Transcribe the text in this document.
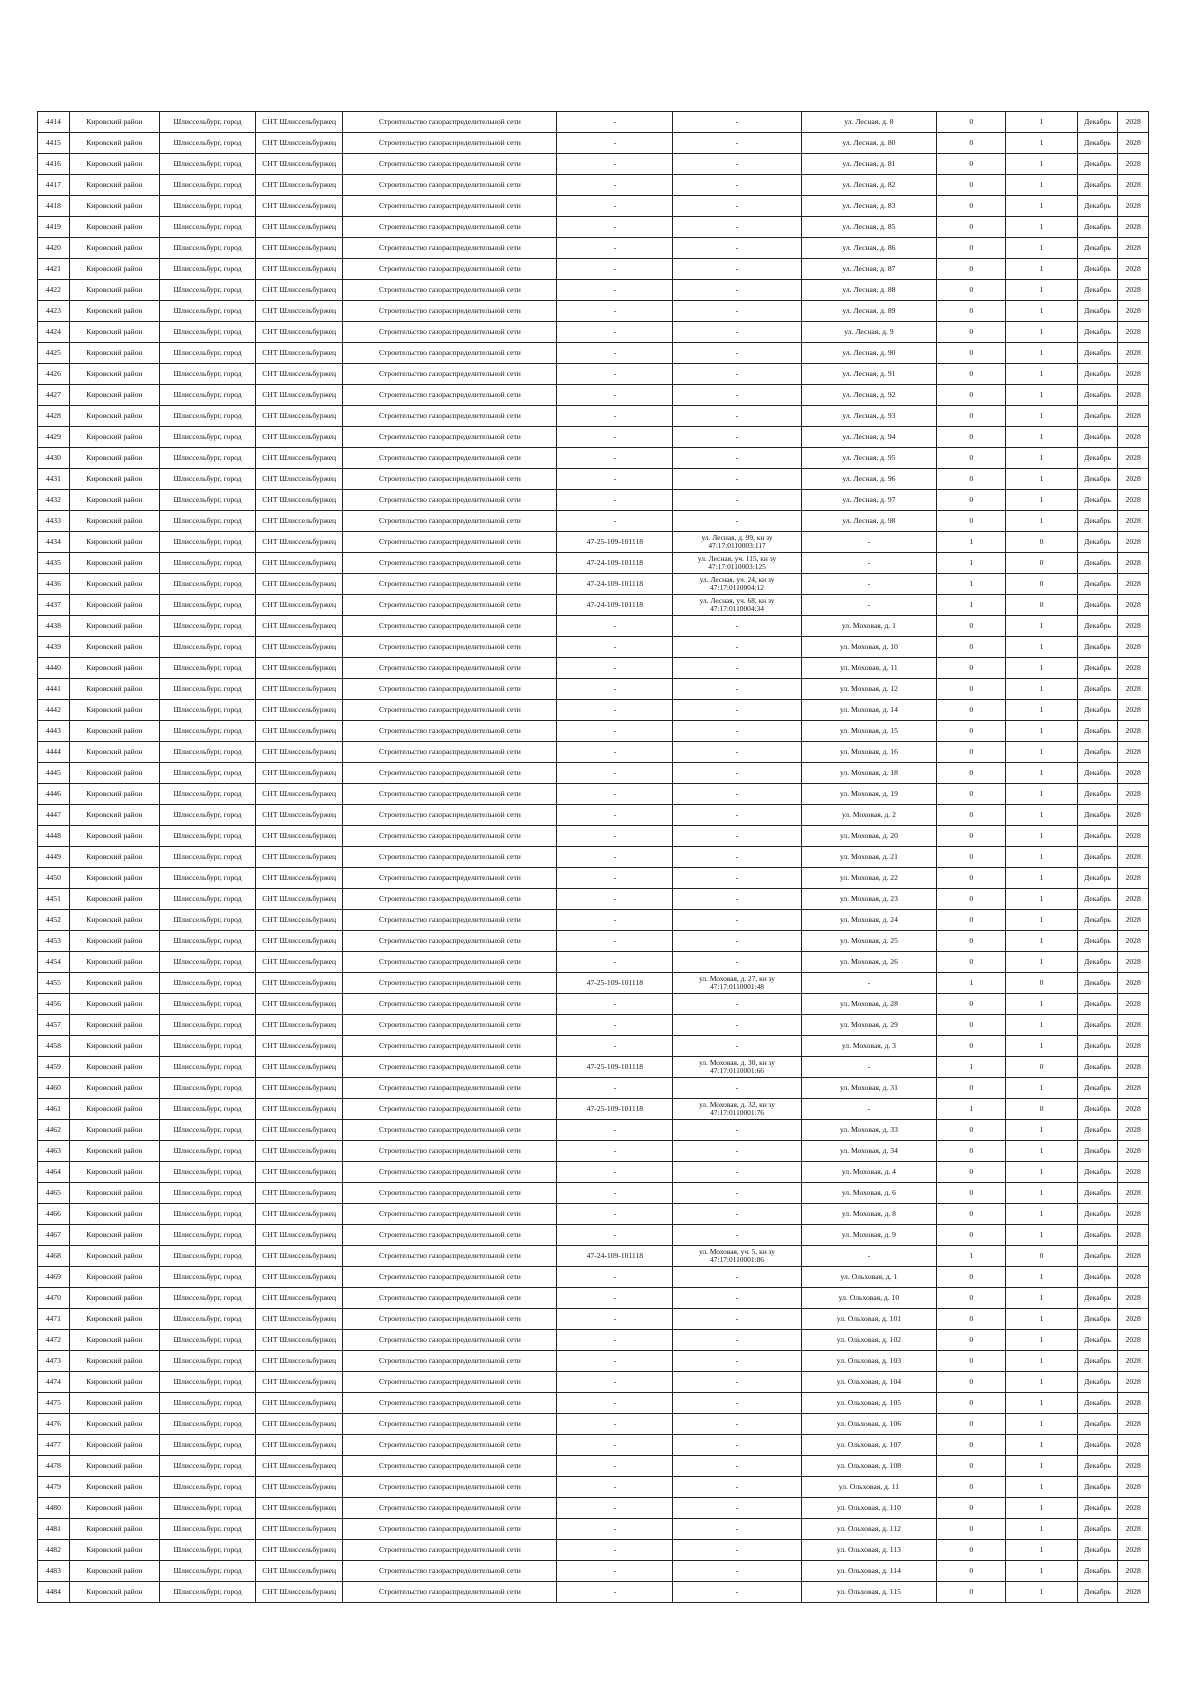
4414	Кировский район	Шлиссельбург, город	СНТ Шлиссельбуржец	Строительство газораспределительной сети	-	-	ул. Лесная, д. 8	0	1	Декабрь	2028
4415	Кировский район	Шлиссельбург, город	СНТ Шлиссельбуржец	Строительство газораспределительной сети	-	-	ул. Лесная, д. 80	0	1	Декабрь	2028
4416	Кировский район	Шлиссельбург, город	СНТ Шлиссельбуржец	Строительство газораспределительной сети	-	-	ул. Лесная, д. 81	0	1	Декабрь	2028
4417	Кировский район	Шлиссельбург, город	СНТ Шлиссельбуржец	Строительство газораспределительной сети	-	-	ул. Лесная, д. 82	0	1	Декабрь	2028
4418	Кировский район	Шлиссельбург, город	СНТ Шлиссельбуржец	Строительство газораспределительной сети	-	-	ул. Лесная, д. 83	0	1	Декабрь	2028
4419	Кировский район	Шлиссельбург, город	СНТ Шлиссельбуржец	Строительство газораспределительной сети	-	-	ул. Лесная, д. 85	0	1	Декабрь	2028
4420	Кировский район	Шлиссельбург, город	СНТ Шлиссельбуржец	Строительство газораспределительной сети	-	-	ул. Лесная, д. 86	0	1	Декабрь	2028
4421	Кировский район	Шлиссельбург, город	СНТ Шлиссельбуржец	Строительство газораспределительной сети	-	-	ул. Лесная, д. 87	0	1	Декабрь	2028
4422	Кировский район	Шлиссельбург, город	СНТ Шлиссельбуржец	Строительство газораспределительной сети	-	-	ул. Лесная, д. 88	0	1	Декабрь	2028
4423	Кировский район	Шлиссельбург, город	СНТ Шлиссельбуржец	Строительство газораспределительной сети	-	-	ул. Лесная, д. 89	0	1	Декабрь	2028
4424	Кировский район	Шлиссельбург, город	СНТ Шлиссельбуржец	Строительство газораспределительной сети	-	-	ул. Лесная, д. 9	0	1	Декабрь	2028
4425	Кировский район	Шлиссельбург, город	СНТ Шлиссельбуржец	Строительство газораспределительной сети	-	-	ул. Лесная, д. 90	0	1	Декабрь	2028
4426	Кировский район	Шлиссельбург, город	СНТ Шлиссельбуржец	Строительство газораспределительной сети	-	-	ул. Лесная, д. 91	0	1	Декабрь	2028
4427	Кировский район	Шлиссельбург, город	СНТ Шлиссельбуржец	Строительство газораспределительной сети	-	-	ул. Лесная, д. 92	0	1	Декабрь	2028
4428	Кировский район	Шлиссельбург, город	СНТ Шлиссельбуржец	Строительство газораспределительной сети	-	-	ул. Лесная, д. 93	0	1	Декабрь	2028
4429	Кировский район	Шлиссельбург, город	СНТ Шлиссельбуржец	Строительство газораспределительной сети	-	-	ул. Лесная, д. 94	0	1	Декабрь	2028
4430	Кировский район	Шлиссельбург, город	СНТ Шлиссельбуржец	Строительство газораспределительной сети	-	-	ул. Лесная, д. 95	0	1	Декабрь	2028
4431	Кировский район	Шлиссельбург, город	СНТ Шлиссельбуржец	Строительство газораспределительной сети	-	-	ул. Лесная, д. 96	0	1	Декабрь	2028
4432	Кировский район	Шлиссельбург, город	СНТ Шлиссельбуржец	Строительство газораспределительной сети	-	-	ул. Лесная, д. 97	0	1	Декабрь	2028
4433	Кировский район	Шлиссельбург, город	СНТ Шлиссельбуржец	Строительство газораспределительной сети	-	-	ул. Лесная, д. 98	0	1	Декабрь	2028
4434	Кировский район	Шлиссельбург, город	СНТ Шлиссельбуржец	Строительство газораспределительной сети	47-25-109-101118	ул. Лесная, д. 99, кн зу 47:17:0110003:117	-	1	0	Декабрь	2028
4435	Кировский район	Шлиссельбург, город	СНТ Шлиссельбуржец	Строительство газораспределительной сети	47-24-109-101118	ул. Лесная, уч. 115, кн зу 47:17:0110003:125	-	1	0	Декабрь	2028
4436	Кировский район	Шлиссельбург, город	СНТ Шлиссельбуржец	Строительство газораспределительной сети	47-24-109-101118	ул. Лесная, уч. 24, кн зу 47:17:0110004:12	-	1	0	Декабрь	2028
4437	Кировский район	Шлиссельбург, город	СНТ Шлиссельбуржец	Строительство газораспределительной сети	47-24-109-101118	ул. Лесная, уч. 68, кн зу 47:17:0110004:34	-	1	0	Декабрь	2028
4438	Кировский район	Шлиссельбург, город	СНТ Шлиссельбуржец	Строительство газораспределительной сети	-	-	ул. Моховая, д. 1	0	1	Декабрь	2028
4439	Кировский район	Шлиссельбург, город	СНТ Шлиссельбуржец	Строительство газораспределительной сети	-	-	ул. Моховая, д. 10	0	1	Декабрь	2028
4440	Кировский район	Шлиссельбург, город	СНТ Шлиссельбуржец	Строительство газораспределительной сети	-	-	ул. Моховая, д. 11	0	1	Декабрь	2028
4441	Кировский район	Шлиссельбург, город	СНТ Шлиссельбуржец	Строительство газораспределительной сети	-	-	ул. Моховая, д. 12	0	1	Декабрь	2028
4442	Кировский район	Шлиссельбург, город	СНТ Шлиссельбуржец	Строительство газораспределительной сети	-	-	ул. Моховая, д. 14	0	1	Декабрь	2028
4443	Кировский район	Шлиссельбург, город	СНТ Шлиссельбуржец	Строительство газораспределительной сети	-	-	ул. Моховая, д. 15	0	1	Декабрь	2028
4444	Кировский район	Шлиссельбург, город	СНТ Шлиссельбуржец	Строительство газораспределительной сети	-	-	ул. Моховая, д. 16	0	1	Декабрь	2028
4445	Кировский район	Шлиссельбург, город	СНТ Шлиссельбуржец	Строительство газораспределительной сети	-	-	ул. Моховая, д. 18	0	1	Декабрь	2028
4446	Кировский район	Шлиссельбург, город	СНТ Шлиссельбуржец	Строительство газораспределительной сети	-	-	ул. Моховая, д. 19	0	1	Декабрь	2028
4447	Кировский район	Шлиссельбург, город	СНТ Шлиссельбуржец	Строительство газораспределительной сети	-	-	ул. Моховая, д. 2	0	1	Декабрь	2028
4448	Кировский район	Шлиссельбург, город	СНТ Шлиссельбуржец	Строительство газораспределительной сети	-	-	ул. Моховая, д. 20	0	1	Декабрь	2028
4449	Кировский район	Шлиссельбург, город	СНТ Шлиссельбуржец	Строительство газораспределительной сети	-	-	ул. Моховая, д. 21	0	1	Декабрь	2028
4450	Кировский район	Шлиссельбург, город	СНТ Шлиссельбуржец	Строительство газораспределительной сети	-	-	ул. Моховая, д. 22	0	1	Декабрь	2028
4451	Кировский район	Шлиссельбург, город	СНТ Шлиссельбуржец	Строительство газораспределительной сети	-	-	ул. Моховая, д. 23	0	1	Декабрь	2028
4452	Кировский район	Шлиссельбург, город	СНТ Шлиссельбуржец	Строительство газораспределительной сети	-	-	ул. Моховая, д. 24	0	1	Декабрь	2028
4453	Кировский район	Шлиссельбург, город	СНТ Шлиссельбуржец	Строительство газораспределительной сети	-	-	ул. Моховая, д. 25	0	1	Декабрь	2028
4454	Кировский район	Шлиссельбург, город	СНТ Шлиссельбуржец	Строительство газораспределительной сети	-	-	ул. Моховая, д. 26	0	1	Декабрь	2028
4455	Кировский район	Шлиссельбург, город	СНТ Шлиссельбуржец	Строительство газораспределительной сети	47-25-109-101118	ул. Моховая, д. 27, кн зу 47:17:0110001:48	-	1	0	Декабрь	2028
4456	Кировский район	Шлиссельбург, город	СНТ Шлиссельбуржец	Строительство газораспределительной сети	-	-	ул. Моховая, д. 28	0	1	Декабрь	2028
4457	Кировский район	Шлиссельбург, город	СНТ Шлиссельбуржец	Строительство газораспределительной сети	-	-	ул. Моховая, д. 29	0	1	Декабрь	2028
4458	Кировский район	Шлиссельбург, город	СНТ Шлиссельбуржец	Строительство газораспределительной сети	-	-	ул. Моховая, д. 3	0	1	Декабрь	2028
4459	Кировский район	Шлиссельбург, город	СНТ Шлиссельбуржец	Строительство газораспределительной сети	47-25-109-101118	ул. Моховая, д. 30, кн зу 47:17:0110001:66	-	1	0	Декабрь	2028
4460	Кировский район	Шлиссельбург, город	СНТ Шлиссельбуржец	Строительство газораспределительной сети	-	-	ул. Моховая, д. 31	0	1	Декабрь	2028
4461	Кировский район	Шлиссельбург, город	СНТ Шлиссельбуржец	Строительство газораспределительной сети	47-25-109-101118	ул. Моховая, д. 32, кн зу 47:17:0110001:76	-	1	0	Декабрь	2028
4462	Кировский район	Шлиссельбург, город	СНТ Шлиссельбуржец	Строительство газораспределительной сети	-	-	ул. Моховая, д. 33	0	1	Декабрь	2028
4463	Кировский район	Шлиссельбург, город	СНТ Шлиссельбуржец	Строительство газораспределительной сети	-	-	ул. Моховая, д. 34	0	1	Декабрь	2028
4464	Кировский район	Шлиссельбург, город	СНТ Шлиссельбуржец	Строительство газораспределительной сети	-	-	ул. Моховая, д. 4	0	1	Декабрь	2028
4465	Кировский район	Шлиссельбург, город	СНТ Шлиссельбуржец	Строительство газораспределительной сети	-	-	ул. Моховая, д. 6	0	1	Декабрь	2028
4466	Кировский район	Шлиссельбург, город	СНТ Шлиссельбуржец	Строительство газораспределительной сети	-	-	ул. Моховая, д. 8	0	1	Декабрь	2028
4467	Кировский район	Шлиссельбург, город	СНТ Шлиссельбуржец	Строительство газораспределительной сети	-	-	ул. Моховая, д. 9	0	1	Декабрь	2028
4468	Кировский район	Шлиссельбург, город	СНТ Шлиссельбуржец	Строительство газораспределительной сети	47-24-109-101118	ул. Моховая, уч. 5, кн зу 47:17:0110001:86	-	1	0	Декабрь	2028
4469	Кировский район	Шлиссельбург, город	СНТ Шлиссельбуржец	Строительство газораспределительной сети	-	-	ул. Ольховая, д. 1	0	1	Декабрь	2028
4470	Кировский район	Шлиссельбург, город	СНТ Шлиссельбуржец	Строительство газораспределительной сети	-	-	ул. Ольховая, д. 10	0	1	Декабрь	2028
4471	Кировский район	Шлиссельбург, город	СНТ Шлиссельбуржец	Строительство газораспределительной сети	-	-	ул. Ольховая, д. 101	0	1	Декабрь	2028
4472	Кировский район	Шлиссельбург, город	СНТ Шлиссельбуржец	Строительство газораспределительной сети	-	-	ул. Ольховая, д. 102	0	1	Декабрь	2028
4473	Кировский район	Шлиссельбург, город	СНТ Шлиссельбуржец	Строительство газораспределительной сети	-	-	ул. Ольховая, д. 103	0	1	Декабрь	2028
4474	Кировский район	Шлиссельбург, город	СНТ Шлиссельбуржец	Строительство газораспределительной сети	-	-	ул. Ольховая, д. 104	0	1	Декабрь	2028
4475	Кировский район	Шлиссельбург, город	СНТ Шлиссельбуржец	Строительство газораспределительной сети	-	-	ул. Ольховая, д. 105	0	1	Декабрь	2028
4476	Кировский район	Шлиссельбург, город	СНТ Шлиссельбуржец	Строительство газораспределительной сети	-	-	ул. Ольховая, д. 106	0	1	Декабрь	2028
4477	Кировский район	Шлиссельбург, город	СНТ Шлиссельбуржец	Строительство газораспределительной сети	-	-	ул. Ольховая, д. 107	0	1	Декабрь	2028
4478	Кировский район	Шлиссельбург, город	СНТ Шлиссельбуржец	Строительство газораспределительной сети	-	-	ул. Ольховая, д. 108	0	1	Декабрь	2028
4479	Кировский район	Шлиссельбург, город	СНТ Шлиссельбуржец	Строительство газораспределительной сети	-	-	ул. Ольховая, д. 11	0	1	Декабрь	2028
4480	Кировский район	Шлиссельбург, город	СНТ Шлиссельбуржец	Строительство газораспределительной сети	-	-	ул. Ольховая, д. 110	0	1	Декабрь	2028
4481	Кировский район	Шлиссельбург, город	СНТ Шлиссельбуржец	Строительство газораспределительной сети	-	-	ул. Ольховая, д. 112	0	1	Декабрь	2028
4482	Кировский район	Шлиссельбург, город	СНТ Шлиссельбуржец	Строительство газораспределительной сети	-	-	ул. Ольховая, д. 113	0	1	Декабрь	2028
4483	Кировский район	Шлиссельбург, город	СНТ Шлиссельбуржец	Строительство газораспределительной сети	-	-	ул. Ольховая, д. 114	0	1	Декабрь	2028
4484	Кировский район	Шлиссельбург, город	СНТ Шлиссельбуржец	Строительство газораспределительной сети	-	-	ул. Ольховая, д. 115	0	1	Декабрь	2028
